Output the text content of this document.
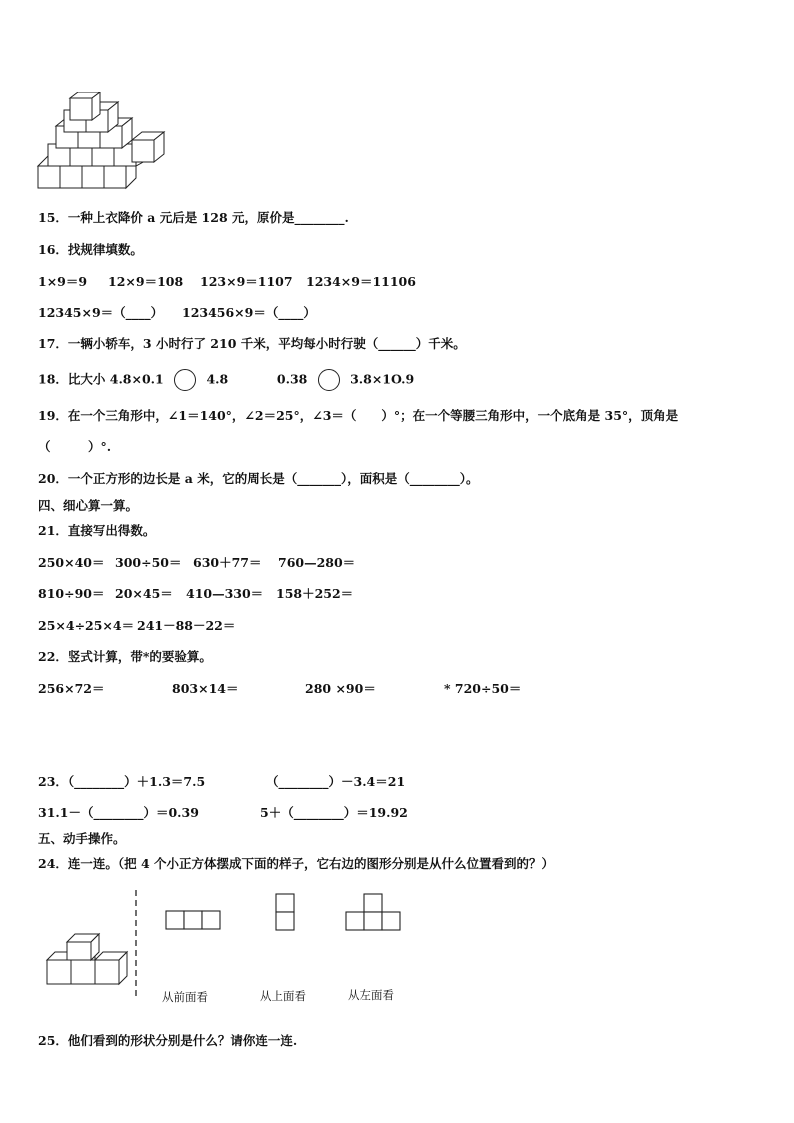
15．一种上衣降价 a 元后是 128 元，原价是________.
16．找规律填数。
1×9＝9 12×9＝108 123×9＝1107 1234×9＝11106
12345×9＝（____） 123456×9＝（____）
17．一辆小轿车，3 小时行了 210 千米，平均每小时行驶（______）千米。
18．比大小 4.8×0.1	4.8	0.38	3.8×1O.9
19．在一个三角形中，∠1＝140°，∠2＝25°，∠3＝（　　）°；在一个等腰三角形中，一个底角是 35°，顶角是
（　　　）°.
20．一个正方形的边长是 a 米，它的周长是（_______），面积是（________）。
四、细心算一算。
21．直接写出得数。
250×40＝ 300÷50＝ 630＋77＝ 760—280＝
810÷90＝ 20×45＝ 410—330＝ 158＋252＝
25×4÷25×4＝ 241－88－22＝
22．竖式计算，带*的要验算。
256×72＝	803×14＝	280 ×90＝	* 720÷50＝
23．（________）＋1.3＝7.5	（________）－3.4＝21
31.1－（________）＝0.39	5＋（________）＝19.92
五、动手操作。
24．连一连。（把 4 个小正方体摆成下面的样子，它右边的图形分别是从什么位置看到的？）
从前面看	从上面看	从左面看
25．他们看到的形状分别是什么？请你连一连.
